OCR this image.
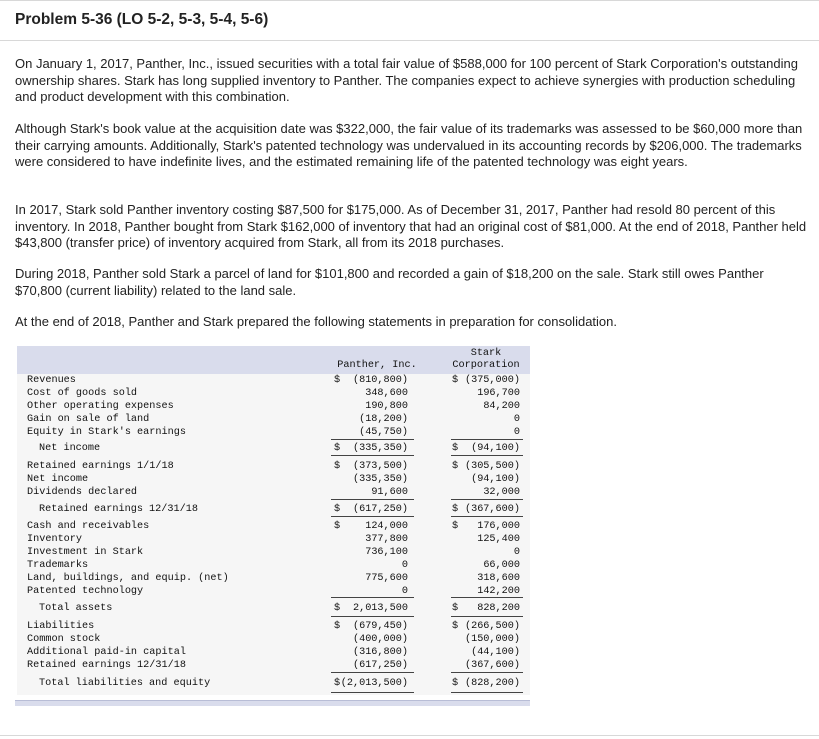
Problem 5-36 (LO 5-2, 5-3, 5-4, 5-6)

On January 1, 2017, Panther, Inc., issued securities with a total fair value of $588,000 for 100 percent of Stark Corporation's outstanding ownership shares. Stark has long supplied inventory to Panther. The companies expect to achieve synergies with production scheduling and product development with this combination.

Although Stark's book value at the acquisition date was $322,000, the fair value of its trademarks was assessed to be $60,000 more than their carrying amounts. Additionally, Stark's patented technology was undervalued in its accounting records by $206,000. The trademarks were considered to have indefinite lives, and the estimated remaining life of the patented technology was eight years.

In 2017, Stark sold Panther inventory costing $87,500 for $175,000. As of December 31, 2017, Panther had resold 80 percent of this inventory. In 2018, Panther bought from Stark $162,000 of inventory that had an original cost of $81,000. At the end of 2018, Panther held $43,800 (transfer price) of inventory acquired from Stark, all from its 2018 purchases.

During 2018, Panther sold Stark a parcel of land for $101,800 and recorded a gain of $18,200 on the sale. Stark still owes Panther $70,800 (current liability) related to the land sale.

At the end of 2018, Panther and Stark prepared the following statements in preparation for consolidation.

Panther, Inc.
Stark
Corporation
Revenues	$	(810,800)	$ (375,000)
Cost of goods sold	348,600	196,700
Other operating expenses	190,800	84,200
Gain on sale of land	(18,200)	0
Equity in Stark's earnings	(45,750)	0
Net income	$	(335,350)	$	(94,100)
Retained earnings 1/1/18	$	(373,500)	$ (305,500)
Net income	(335,350)	(94,100)
Dividends declared	91,600	32,000
Retained earnings 12/31/18	$	(617,250)	$ (367,600)
Cash and receivables	$	124,000	$	176,000
Inventory	377,800	125,400
Investment in Stark	736,100	0
Trademarks	0	66,000
Land, buildings, and equip. (net)	775,600	318,600
Patented technology	0	142,200
Total assets	$	2,013,500	$	828,200
Liabilities	$	(679,450)	$ (266,500)
Common stock	(400,000)	(150,000)
Additional paid-in capital	(316,800)	(44,100)
Retained earnings 12/31/18	(617,250)	(367,600)
Total liabilities and equity	$ (2,013,500)	$ (828,200)
